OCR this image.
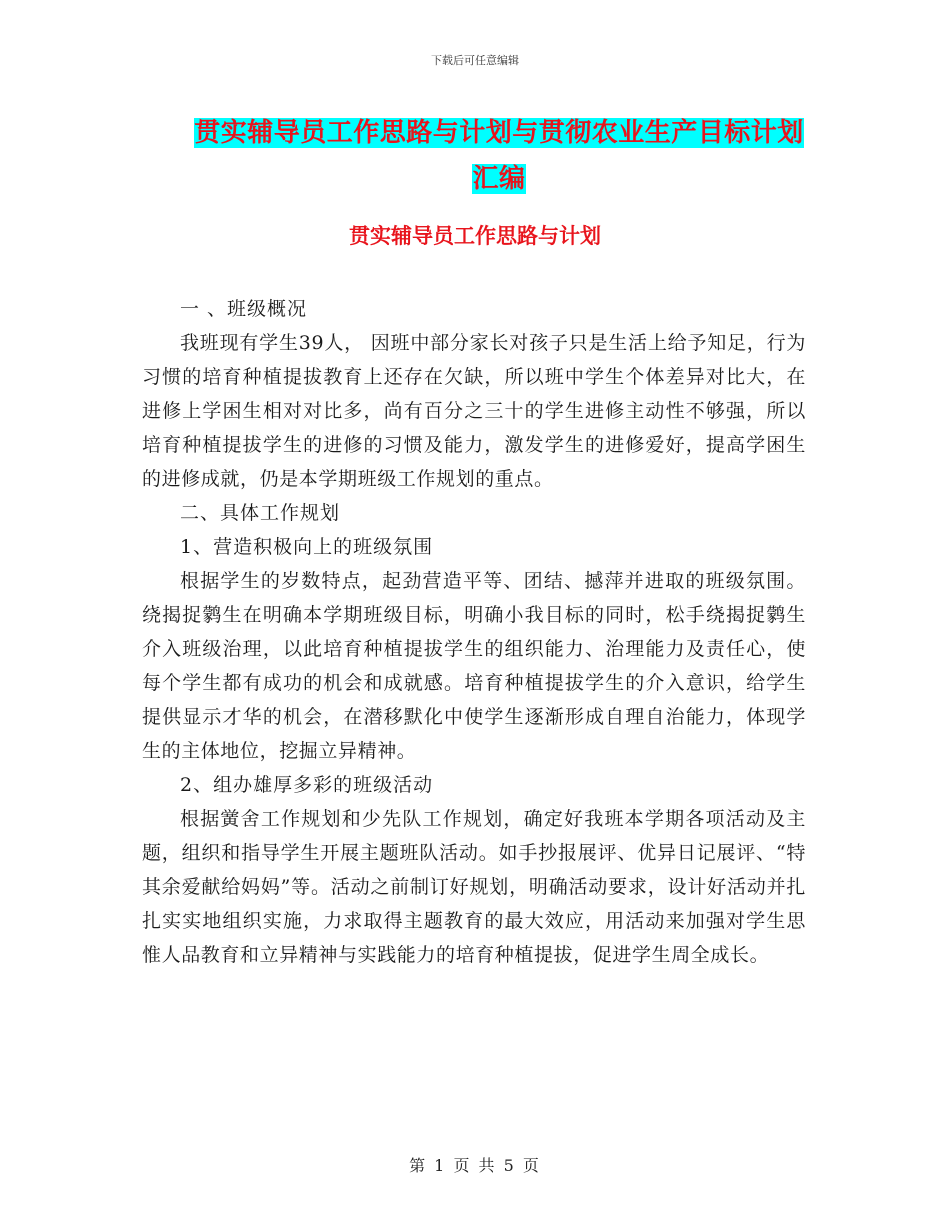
下载后可任意编辑
贯实辅导员工作思路与计划与贯彻农业生产目标计划
汇编
贯实辅导员工作思路与计划

一 、班级概况

我班现有学生39人， 因班中部分家长对孩子只是生活上给予知足，行为习惯的培育种植提拔教育上还存在欠缺，所以班中学生个体差异对比大，在进修上学困生相对对比多，尚有百分之三十的学生进修主动性不够强，所以培育种植提拔学生的进修的习惯及能力，激发学生的进修爱好，提高学困生的进修成就，仍是本学期班级工作规划的重点。

二、具体工作规划

1、营造积极向上的班级氛围

根据学生的岁数特点，起劲营造平等、团结、撼萍并进取的班级氛围。绕揭捉鹲生在明确本学期班级目标，明确小我目标的同时，松手绕揭捉鹲生介入班级治理，以此培育种植提拔学生的组织能力、治理能力及责任心，使每个学生都有成功的机会和成就感。培育种植提拔学生的介入意识，给学生提供显示才华的机会，在潜移默化中使学生逐渐形成自理自治能力，体现学生的主体地位，挖掘立异精神。

2、组办雄厚多彩的班级活动

根据黉舍工作规划和少先队工作规划，确定好我班本学期各项活动及主题，组织和指导学生开展主题班队活动。如手抄报展评、优异日记展评、“特其余爱献给妈妈”等。活动之前制订好规划，明确活动要求，设计好活动并扎扎实实地组织实施，力求取得主题教育的最大效应，用活动来加强对学生思惟人品教育和立异精神与实践能力的培育种植提拔，促进学生周全成长。

第 1 页 共 5 页
